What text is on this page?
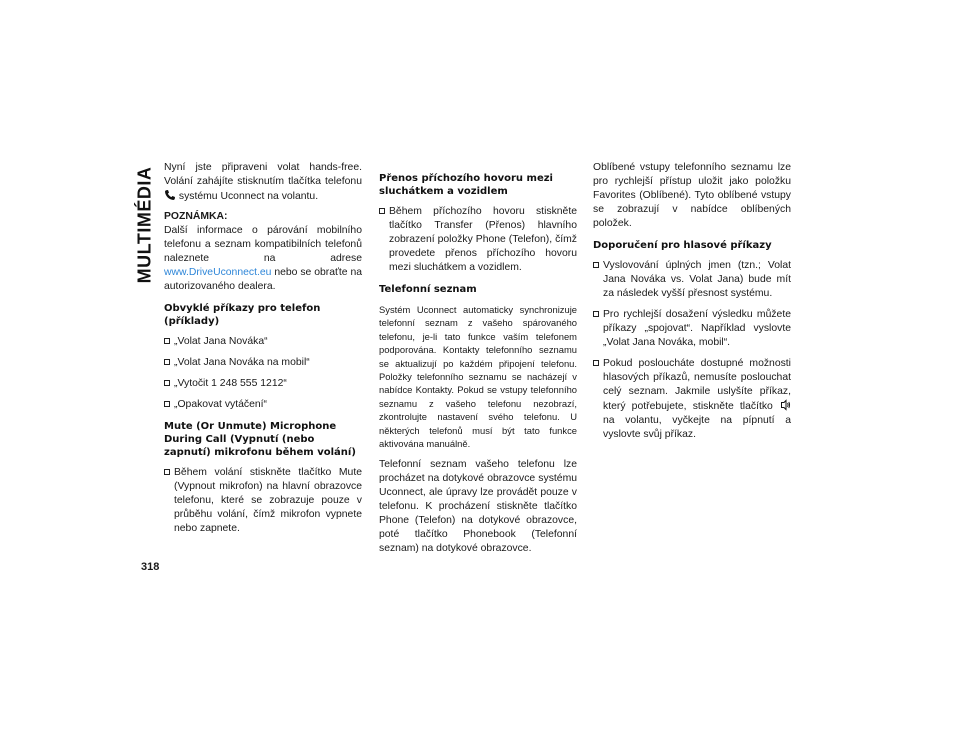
MULTIMÉDIA
318

Nyní jste připraveni volat hands-free. Volání zahájíte stisknutím tlačítka telefonu  systému Uconnect na volantu.

POZNÁMKA:
Další informace o párování mobilního telefonu a seznam kompatibilních telefonů naleznete na adrese www.DriveUconnect.eu nebo se obraťte na autorizovaného dealera.

Obvyklé příkazy pro telefon (příklady)
„Volat Jana Nováka“
„Volat Jana Nováka na mobil“
„Vytočit 1 248 555 1212“
„Opakovat vytáčení“
Mute (Or Unmute) Microphone During Call (Vypnutí (nebo zapnutí) mikrofonu během volání)
Během volání stiskněte tlačítko Mute (Vypnout mikrofon) na hlavní obrazovce telefonu, které se zobrazuje pouze v průběhu volání, čímž mikrofon vypnete nebo zapnete.
Přenos příchozího hovoru mezi sluchátkem a vozidlem
Během příchozího hovoru stiskněte tlačítko Transfer (Přenos) hlavního zobrazení položky Phone (Telefon), čímž provedete přenos příchozího hovoru mezi sluchátkem a vozidlem.
Telefonní seznam

Systém Uconnect automaticky synchronizuje telefonní seznam z vašeho spárovaného telefonu, je-li tato funkce vaším telefonem podporována. Kontakty telefonního seznamu se aktualizují po každém připojení telefonu. Položky telefonního seznamu se nacházejí v nabídce Kontakty. Pokud se vstupy telefonního seznamu z vašeho telefonu nezobrazí, zkontrolujte nastavení svého telefonu. U některých telefonů musí být tato funkce aktivována manuálně.

Telefonní seznam vašeho telefonu lze procházet na dotykové obrazovce systému Uconnect, ale úpravy lze provádět pouze v telefonu. K procházení stiskněte tlačítko Phone (Telefon) na dotykové obrazovce, poté tlačítko Phonebook (Telefonní seznam) na dotykové obrazovce.

Oblíbené vstupy telefonního seznamu lze pro rychlejší přístup uložit jako položku Favorites (Oblíbené). Tyto oblíbené vstupy se zobrazují v nabídce oblíbených položek.

Doporučení pro hlasové příkazy
Vyslovování úplných jmen (tzn.; Volat Jana Nováka vs. Volat Jana) bude mít za následek vyšší přesnost systému.
Pro rychlejší dosažení výsledku můžete příkazy „spojovat“. Například vyslovte „Volat Jana Nováka, mobil“.
Pokud posloucháte dostupné možnosti hlasových příkazů, nemusíte poslouchat celý seznam. Jakmile uslyšíte příkaz, který potřebujete, stiskněte tlačítko  na volantu, vyčkejte na pípnutí a vyslovte svůj příkaz.
